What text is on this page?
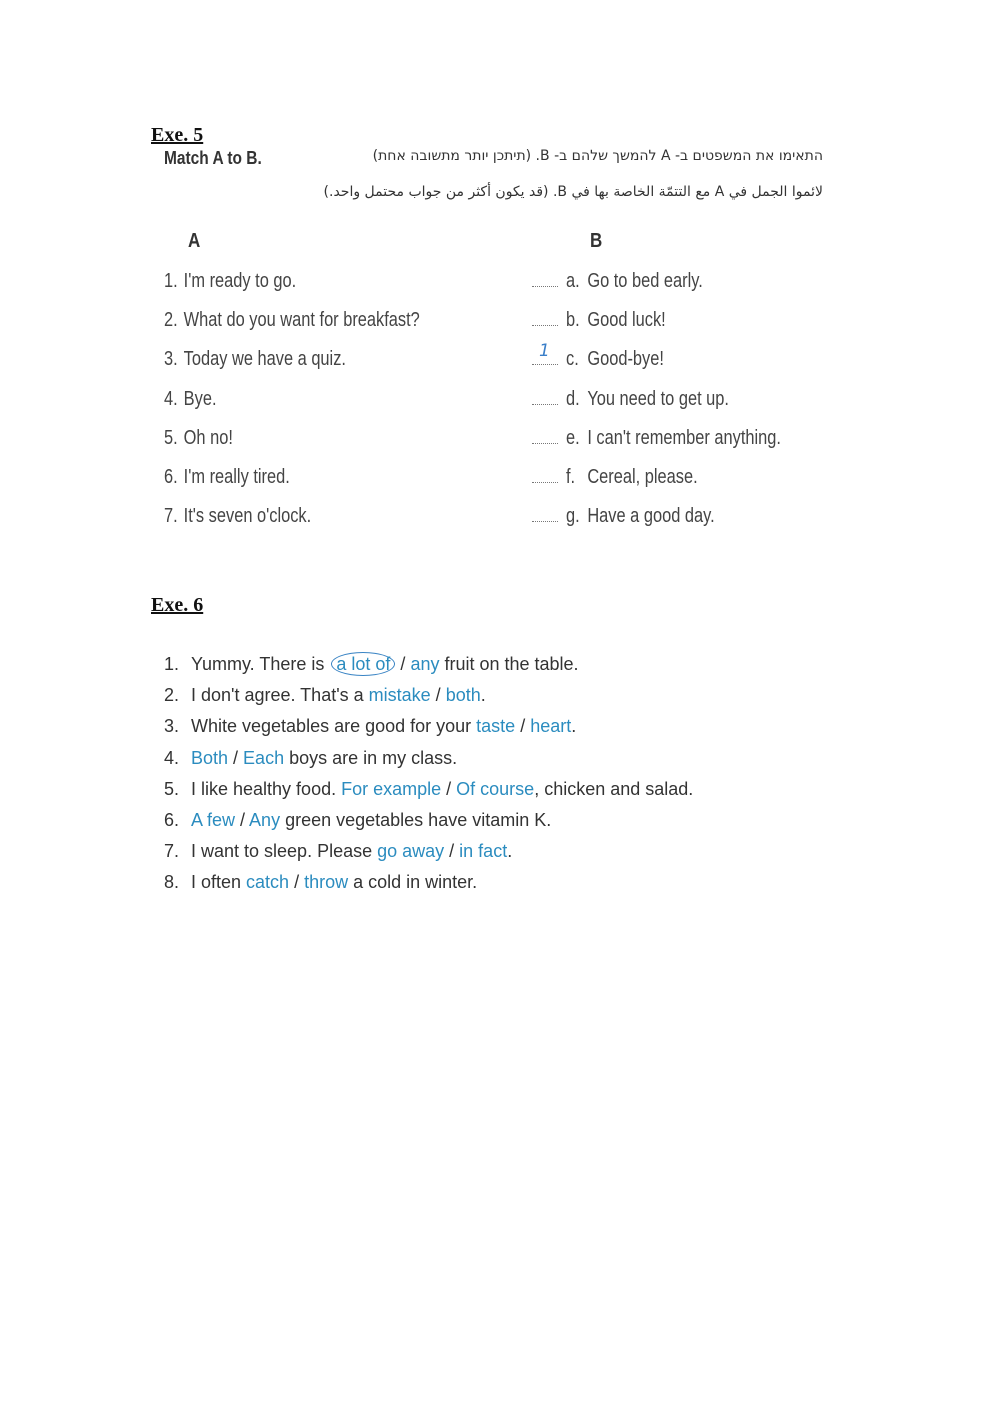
Exe. 5
Match A to B.	התאימו את המשפטים ב- A להמשך שלהם ב- B. (תיתכן יותר מתשובה אחת)
لائموا الجمل في A مع التتمّة الخاصة بها في B. (قد يكون أكثر من جواب محتمل واحد.)
A	B
1. I'm ready to go.
2. What do you want for breakfast?
3. Today we have a quiz.
4. Bye.
5. Oh no!
6. I'm really tired.
7. It's seven o'clock.
a. Go to bed early.
b. Good luck!
1 c. Good-bye!
d. You need to get up.
e. I can't remember anything.
f. Cereal, please.
g. Have a good day.
Exe. 6
1. Yummy. There is a lot of / any fruit on the table.
2. I don't agree. That's a mistake / both.
3. White vegetables are good for your taste / heart.
4. Both / Each boys are in my class.
5. I like healthy food. For example / Of course, chicken and salad.
6. A few / Any green vegetables have vitamin K.
7. I want to sleep. Please go away / in fact.
8. I often catch / throw a cold in winter.
